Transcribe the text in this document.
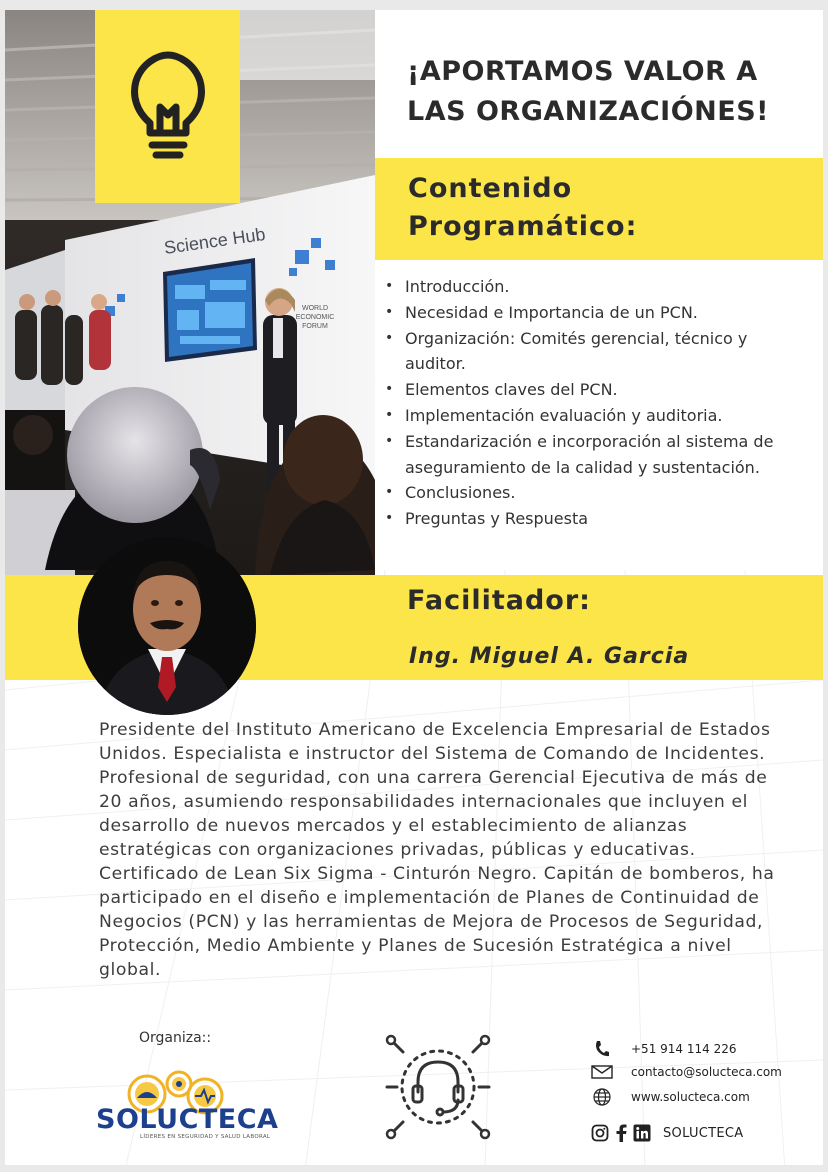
Science Hub
WORLD
ECONOMIC
FORUM
¡APORTAMOS VALOR A
LAS ORGANIZACIÓNES!
Contenido
Programático:
• Introducción.
• Necesidad e Importancia de un PCN.
• Organización: Comités gerencial, técnico y auditor.
• Elementos claves del PCN.
• Implementación evaluación y auditoria.
• Estandarización e incorporación al sistema de aseguramiento de la calidad y sustentación.
• Conclusiones.
• Preguntas y Respuesta
Facilitador:
Ing. Miguel A. Garcia

Presidente del Instituto Americano de Excelencia Empresarial de Estados Unidos. Especialista e instructor del Sistema de Comando de Incidentes. Profesional de seguridad, con una carrera Gerencial Ejecutiva de más de 20 años, asumiendo responsabilidades internacionales que incluyen el desarrollo de nuevos mercados y el establecimiento de alianzas estratégicas con organizaciones privadas, públicas y educativas. Certificado de Lean Six Sigma - Cinturón Negro. Capitán de bomberos, ha participado en el diseño e implementación de Planes de Continuidad de Negocios (PCN) y las herramientas de Mejora de Procesos de Seguridad, Protección, Medio Ambiente y Planes de Sucesión Estratégica a nivel global.

Organiza::
SOLUCTECA
LÍDERES EN SEGURIDAD Y SALUD LABORAL
+51 914 114 226
contacto@solucteca.com
www.solucteca.com
SOLUCTECA
